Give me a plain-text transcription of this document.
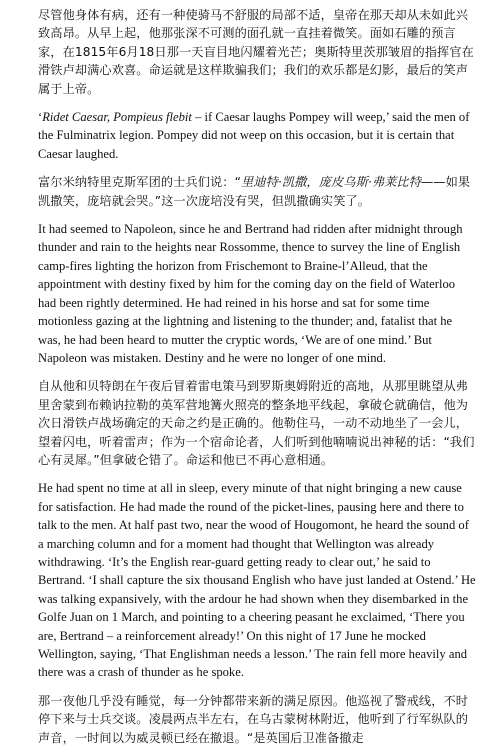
尽管他身体有病，还有一种使骑马不舒服的局部不适，皇帝在那天却从未如此兴致高昂。从早上起，他那张深不可测的面孔就一直挂着微笑。面如石雕的预言家，在1815年6月18日那一天盲目地闪耀着光芒；奥斯特里茨那皱眉的指挥官在滑铁卢却满心欢喜。命运就是这样欺骗我们；我们的欢乐都是幻影，最后的笑声属于上帝。

‘Ridet Caesar, Pompieus flebit – if Caesar laughs Pompey will weep,’ said the men of the Fulminatrix legion. Pompey did not weep on this occasion, but it is certain that Caesar laughed.

富尔米纳特里克斯军团的士兵们说：“里迪特·凯撒，庞皮乌斯·弗莱比特——如果凯撒笑，庞培就会哭。”这一次庞培没有哭，但凯撒确实笑了。

It had seemed to Napoleon, since he and Bertrand had ridden after midnight through thunder and rain to the heights near Rossomme, thence to survey the line of English camp-fires lighting the horizon from Frischemont to Braine-l’Alleud, that the appointment with destiny fixed by him for the coming day on the field of Waterloo had been rightly determined. He had reined in his horse and sat for some time motionless gazing at the lightning and listening to the thunder; and, fatalist that he was, he had been heard to mutter the cryptic words, ‘We are of one mind.’ But Napoleon was mistaken. Destiny and he were no longer of one mind.

自从他和贝特朗在午夜后冒着雷电策马到罗斯奥姆附近的高地，从那里眺望从弗里舍蒙到布赖讷拉勒的英军营地篝火照亮的整条地平线起，拿破仑就确信，他为次日滑铁卢战场确定的天命之约是正确的。他勒住马，一动不动地坐了一会儿，望着闪电，听着雷声；作为一个宿命论者，人们听到他喃喃说出神秘的话：“我们心有灵犀。”但拿破仑错了。命运和他已不再心意相通。

He had spent no time at all in sleep, every minute of that night bringing a new cause for satisfaction. He had made the round of the picket-lines, pausing here and there to talk to the men. At half past two, near the wood of Hougomont, he heard the sound of a marching column and for a moment had thought that Wellington was already withdrawing. ‘It’s the English rear-guard getting ready to clear out,’ he said to Bertrand. ‘I shall capture the six thousand English who have just landed at Ostend.’ He was talking expansively, with the ardour he had shown when they disembarked in the Golfe Juan on 1 March, and pointing to a cheering peasant he exclaimed, ‘There you are, Bertrand – a reinforcement already!’ On this night of 17 June he mocked Wellington, saying, ‘That Englishman needs a lesson.’ The rain fell more heavily and there was a crash of thunder as he spoke.

那一夜他几乎没有睡觉，每一分钟都带来新的满足原因。他巡视了警戒线，不时停下来与士兵交谈。凌晨两点半左右，在乌古蒙树林附近，他听到了行军纵队的声音，一时间以为威灵顿已经在撤退。“是英国后卫准备撤走
